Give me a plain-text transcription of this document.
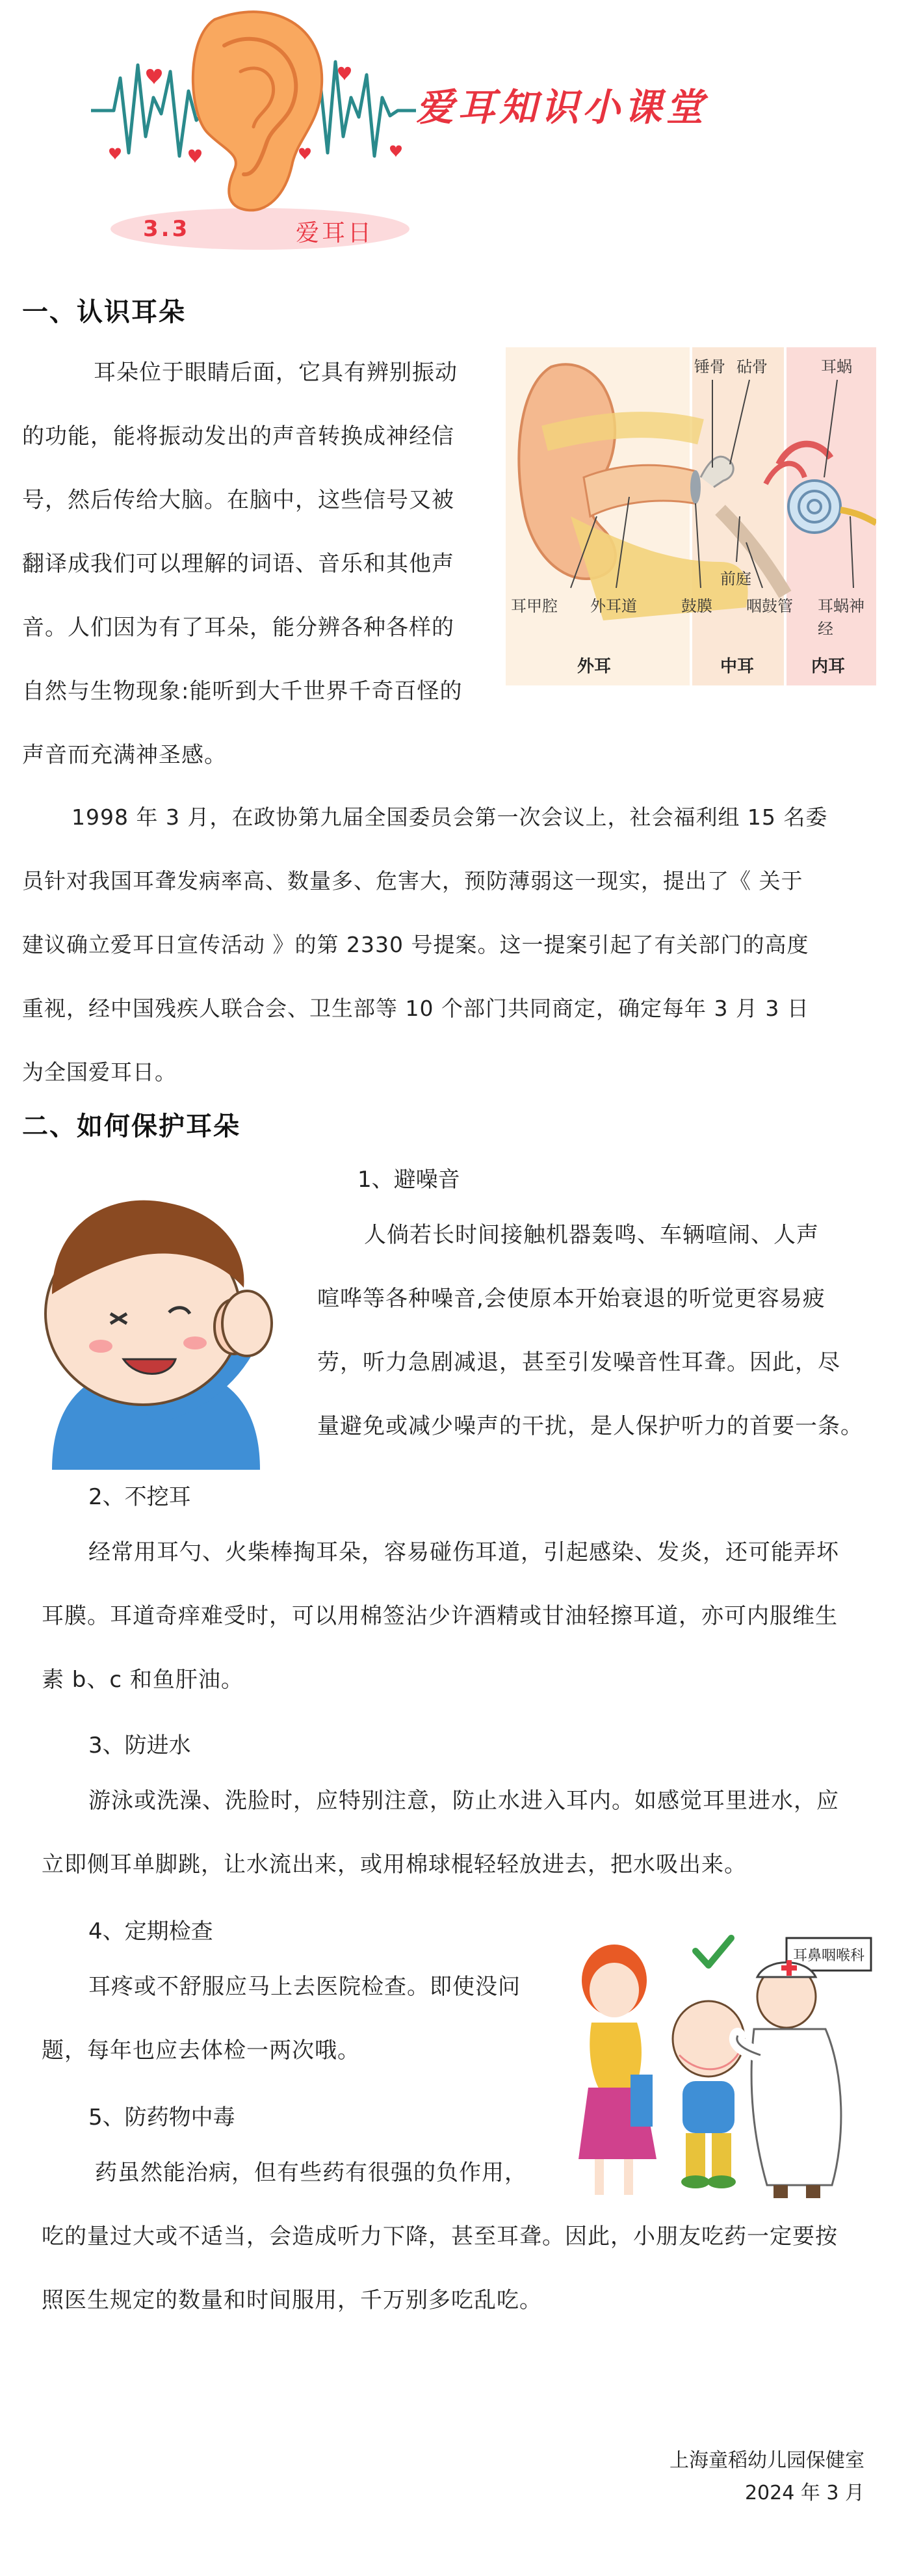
爱耳知识小课堂
3.3	爱耳日
一、认识耳朵
耳朵位于眼睛后面，它具有辨别振动
的功能，能将振动发出的声音转换成神经信
号，然后传给大脑。在脑中，这些信号又被
翻译成我们可以理解的词语、音乐和其他声
音。人们因为有了耳朵，能分辨各种各样的
自然与生物现象:能听到大千世界千奇百怪的
声音而充满神圣感。
锤骨 砧骨	耳蜗
前庭
耳甲腔 外耳道	鼓膜 咽鼓管 耳蜗神经
外耳	中耳	内耳
1998 年 3 月，在政协第九届全国委员会第一次会议上，社会福利组 15 名委
员针对我国耳聋发病率高、数量多、危害大，预防薄弱这一现实，提出了《 关于
建议确立爱耳日宣传活动 》的第 2330 号提案。这一提案引起了有关部门的高度
重视，经中国残疾人联合会、卫生部等 10 个部门共同商定，确定每年 3 月 3 日
为全国爱耳日。
二、如何保护耳朵
1、避噪音
人倘若长时间接触机器轰鸣、车辆喧闹、人声
喧哗等各种噪音,会使原本开始衰退的听觉更容易疲
劳，听力急剧减退，甚至引发噪音性耳聋。因此，尽
量避免或减少噪声的干扰，是人保护听力的首要一条。
2、不挖耳
经常用耳勺、火柴棒掏耳朵，容易碰伤耳道，引起感染、发炎，还可能弄坏
耳膜。耳道奇痒难受时，可以用棉签沾少许酒精或甘油轻擦耳道，亦可内服维生
素 b、c 和鱼肝油。
3、防进水
游泳或洗澡、洗脸时，应特别注意，防止水进入耳内。如感觉耳里进水，应
立即侧耳单脚跳，让水流出来，或用棉球棍轻轻放进去，把水吸出来。
4、定期检查
耳疼或不舒服应马上去医院检查。即使没问
题，每年也应去体检一两次哦。
5、防药物中毒
药虽然能治病，但有些药有很强的负作用，
吃的量过大或不适当，会造成听力下降，甚至耳聋。因此，小朋友吃药一定要按
照医生规定的数量和时间服用，千万别多吃乱吃。
耳鼻咽喉科
上海童稻幼儿园保健室
2024 年 3 月
